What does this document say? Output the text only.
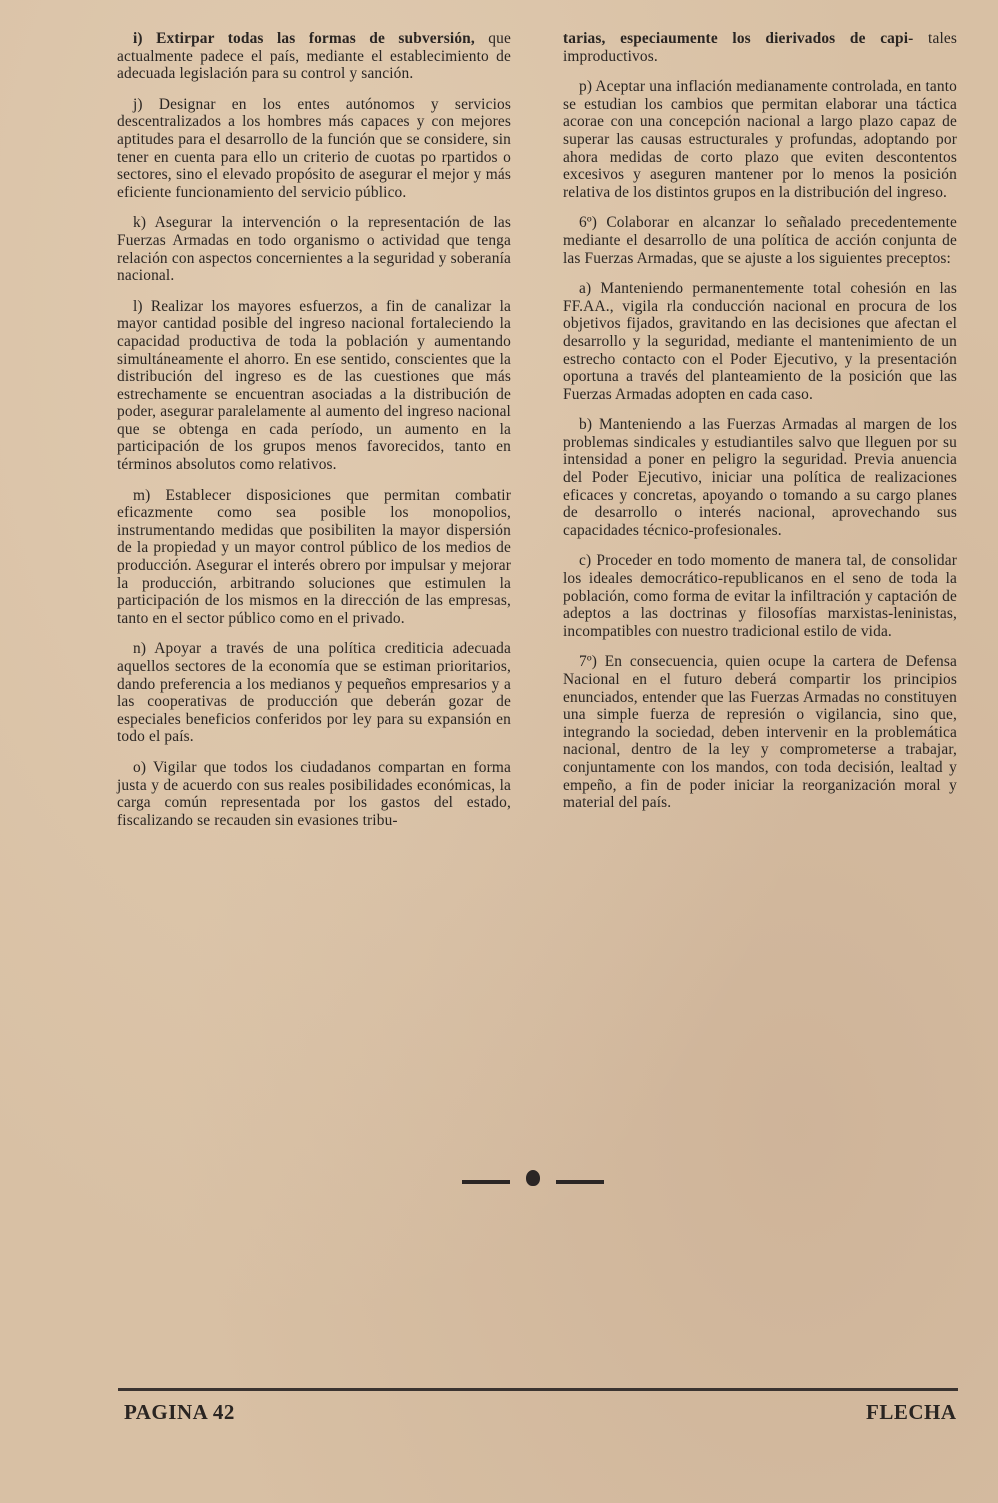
i) Extirpar todas las formas de subversión, que actualmente padece el país, mediante el establecimiento de adecuada legislación para su control y sanción.

j) Designar en los entes autónomos y servicios descentralizados a los hombres más capaces y con mejores aptitudes para el desarrollo de la función que se considere, sin tener en cuenta para ello un criterio de cuotas po rpartidos o sectores, sino el elevado propósito de asegurar el mejor y más eficiente funcionamiento del servicio público.

k) Asegurar la intervención o la representación de las Fuerzas Armadas en todo organismo o actividad que tenga relación con aspectos concernientes a la seguridad y soberanía nacional.

l) Realizar los mayores esfuerzos, a fin de canalizar la mayor cantidad posible del ingreso nacional fortaleciendo la capacidad productiva de toda la población y aumentando simultáneamente el ahorro. En ese sentido, conscientes que la distribución del ingreso es de las cuestiones que más estrechamente se encuentran asociadas a la distribución de poder, asegurar paralelamente al aumento del ingreso nacional que se obtenga en cada período, un aumento en la participación de los grupos menos favorecidos, tanto en términos absolutos como relativos.

m) Establecer disposiciones que permitan combatir eficazmente como sea posible los monopolios, instrumentando medidas que posibiliten la mayor dispersión de la propiedad y un mayor control público de los medios de producción. Asegurar el interés obrero por impulsar y mejorar la producción, arbitrando soluciones que estimulen la participación de los mismos en la dirección de las empresas, tanto en el sector público como en el privado.

n) Apoyar a través de una política crediticia adecuada aquellos sectores de la economía que se estiman prioritarios, dando preferencia a los medianos y pequeños empresarios y a las cooperativas de producción que deberán gozar de especiales beneficios conferidos por ley para su expansión en todo el país.

o) Vigilar que todos los ciudadanos compartan en forma justa y de acuerdo con sus reales posibilidades económicas, la carga común representada por los gastos del estado, fiscalizando se recauden sin evasiones tribu-

tarias, especiaumente los dierivados de capi- tales improductivos.

p) Aceptar una inflación medianamente controlada, en tanto se estudian los cambios que permitan elaborar una táctica acorae con una concepción nacional a largo plazo capaz de superar las causas estructurales y profundas, adoptando por ahora medidas de corto plazo que eviten descontentos excesivos y aseguren mantener por lo menos la posición relativa de los distintos grupos en la distribución del ingreso.

6º) Colaborar en alcanzar lo señalado precedentemente mediante el desarrollo de una política de acción conjunta de las Fuerzas Armadas, que se ajuste a los siguientes preceptos:

a) Manteniendo permanentemente total cohesión en las FF.AA., vigila rla conducción nacional en procura de los objetivos fijados, gravitando en las decisiones que afectan el desarrollo y la seguridad, mediante el mantenimiento de un estrecho contacto con el Poder Ejecutivo, y la presentación oportuna a través del planteamiento de la posición que las Fuerzas Armadas adopten en cada caso.

b) Manteniendo a las Fuerzas Armadas al margen de los problemas sindicales y estudiantiles salvo que lleguen por su intensidad a poner en peligro la seguridad. Previa anuencia del Poder Ejecutivo, iniciar una política de realizaciones eficaces y concretas, apoyando o tomando a su cargo planes de desarrollo o interés nacional, aprovechando sus capacidades técnico-profesionales.

c) Proceder en todo momento de manera tal, de consolidar los ideales democrático-republicanos en el seno de toda la población, como forma de evitar la infiltración y captación de adeptos a las doctrinas y filosofías marxistas-leninistas, incompatibles con nuestro tradicional estilo de vida.

7º) En consecuencia, quien ocupe la cartera de Defensa Nacional en el futuro deberá compartir los principios enunciados, entender que las Fuerzas Armadas no constituyen una simple fuerza de represión o vigilancia, sino que, integrando la sociedad, deben intervenir en la problemática nacional, dentro de la ley y comprometerse a trabajar, conjuntamente con los mandos, con toda decisión, lealtad y empeño, a fin de poder iniciar la reorganización moral y material del país.

PAGINA 42	FLECHA
